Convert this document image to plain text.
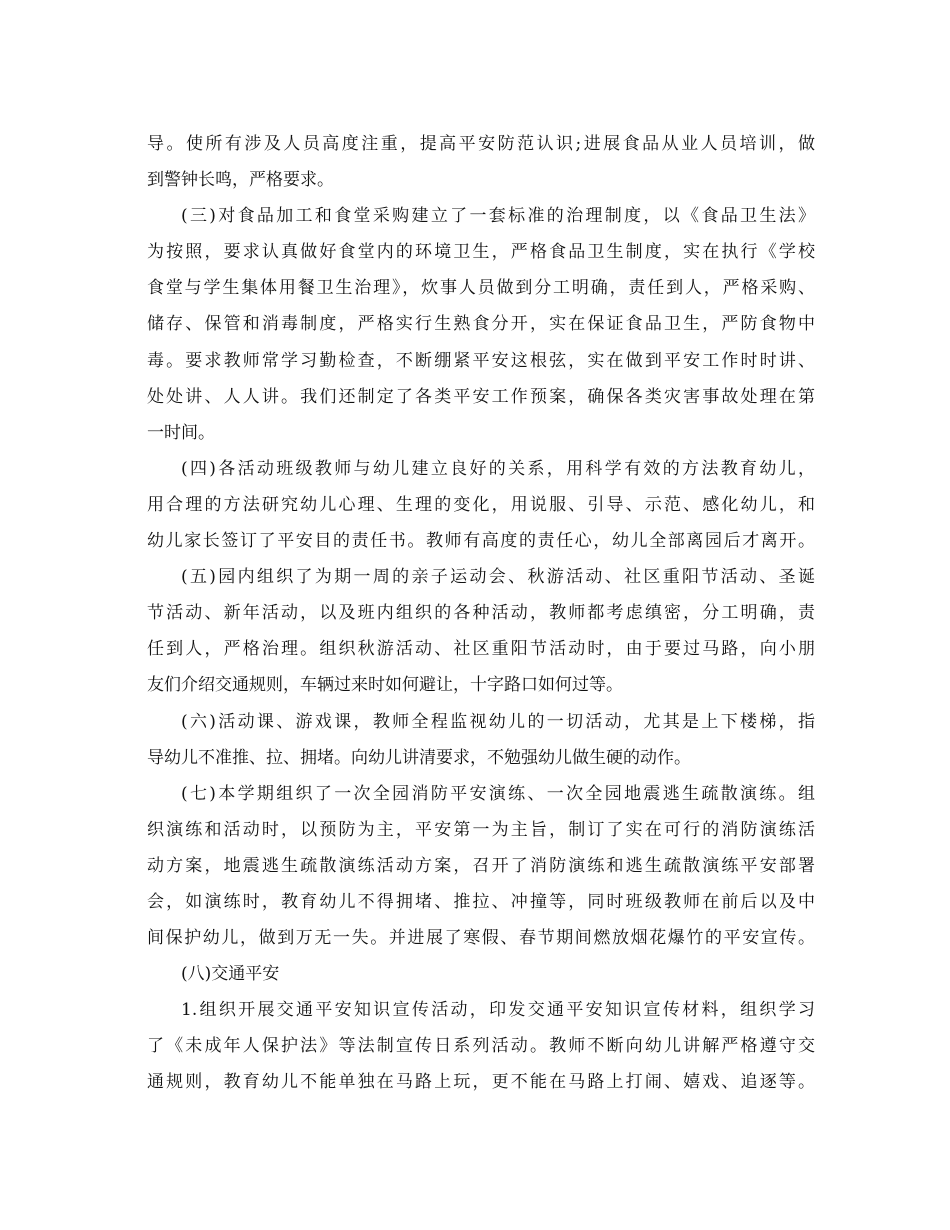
导。使所有涉及人员高度注重，提高平安防范认识;进展食品从业人员培训，做
到警钟长鸣，严格要求。
(三)对食品加工和食堂采购建立了一套标准的治理制度，以《食品卫生法》
为按照，要求认真做好食堂内的环境卫生，严格食品卫生制度，实在执行《学校
食堂与学生集体用餐卫生治理》，炊事人员做到分工明确，责任到人，严格采购、
储存、保管和消毒制度，严格实行生熟食分开，实在保证食品卫生，严防食物中
毒。要求教师常学习勤检查，不断绷紧平安这根弦，实在做到平安工作时时讲、
处处讲、人人讲。我们还制定了各类平安工作预案，确保各类灾害事故处理在第
一时间。
(四)各活动班级教师与幼儿建立良好的关系，用科学有效的方法教育幼儿，
用合理的方法研究幼儿心理、生理的变化，用说服、引导、示范、感化幼儿，和
幼儿家长签订了平安目的责任书。教师有高度的责任心，幼儿全部离园后才离开。
(五)园内组织了为期一周的亲子运动会、秋游活动、社区重阳节活动、圣诞
节活动、新年活动，以及班内组织的各种活动，教师都考虑缜密，分工明确，责
任到人，严格治理。组织秋游活动、社区重阳节活动时，由于要过马路，向小朋
友们介绍交通规则，车辆过来时如何避让，十字路口如何过等。
(六)活动课、游戏课，教师全程监视幼儿的一切活动，尤其是上下楼梯，指
导幼儿不准推、拉、拥堵。向幼儿讲清要求，不勉强幼儿做生硬的动作。
(七)本学期组织了一次全园消防平安演练、一次全园地震逃生疏散演练。组
织演练和活动时，以预防为主，平安第一为主旨，制订了实在可行的消防演练活
动方案，地震逃生疏散演练活动方案，召开了消防演练和逃生疏散演练平安部署
会，如演练时，教育幼儿不得拥堵、推拉、冲撞等，同时班级教师在前后以及中
间保护幼儿，做到万无一失。并进展了寒假、春节期间燃放烟花爆竹的平安宣传。
(八)交通平安
1.组织开展交通平安知识宣传活动，印发交通平安知识宣传材料，组织学习
了《未成年人保护法》等法制宣传日系列活动。教师不断向幼儿讲解严格遵守交
通规则，教育幼儿不能单独在马路上玩，更不能在马路上打闹、嬉戏、追逐等。
